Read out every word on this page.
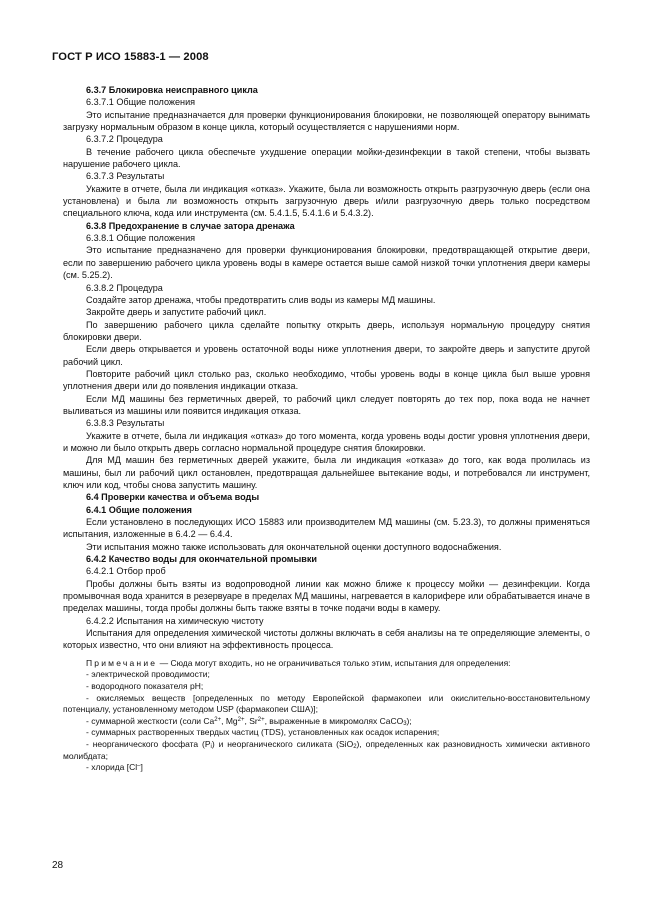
ГОСТ Р ИСО 15883-1 — 2008

6.3.7 Блокировка неисправного цикла

6.3.7.1 Общие положения

Это испытание предназначается для проверки функционирования блокировки, не позволяющей оператору вынимать загрузку нормальным образом в конце цикла, который осуществляется с нарушениями норм.

6.3.7.2 Процедура

В течение рабочего цикла обеспечьте ухудшение операции мойки-дезинфекции в такой степени, чтобы вызвать нарушение рабочего цикла.

6.3.7.3 Результаты

Укажите в отчете, была ли индикация «отказ». Укажите, была ли возможность открыть разгрузочную дверь (если она установлена) и была ли возможность открыть загрузочную дверь и/или разгрузочную дверь только посредством специального ключа, кода или инструмента (см. 5.4.1.5, 5.4.1.6 и 5.4.3.2).

6.3.8 Предохранение в случае затора дренажа

6.3.8.1 Общие положения

Это испытание предназначено для проверки функционирования блокировки, предотвращающей открытие двери, если по завершению рабочего цикла уровень воды в камере остается выше самой низкой точки уплотнения двери камеры (см. 5.25.2).

6.3.8.2 Процедура

Создайте затор дренажа, чтобы предотвратить слив воды из камеры МД машины.

Закройте дверь и запустите рабочий цикл.

По завершению рабочего цикла сделайте попытку открыть дверь, используя нормальную процедуру снятия блокировки двери.

Если дверь открывается и уровень остаточной воды ниже уплотнения двери, то закройте дверь и запустите другой рабочий цикл.

Повторите рабочий цикл столько раз, сколько необходимо, чтобы уровень воды в конце цикла был выше уровня уплотнения двери или до появления индикации отказа.

Если МД машины без герметичных дверей, то рабочий цикл следует повторять до тех пор, пока вода не начнет выливаться из машины или появится индикация отказа.

6.3.8.3 Результаты

Укажите в отчете, была ли индикация «отказ» до того момента, когда уровень воды достиг уровня уплотнения двери, и можно ли было открыть дверь согласно нормальной процедуре снятия блокировки.

Для МД машин без герметичных дверей укажите, была ли индикация «отказа» до того, как вода пролилась из машины, был ли рабочий цикл остановлен, предотвращая дальнейшее вытекание воды, и потребовался ли инструмент, ключ или код, чтобы снова запустить машину.

6.4 Проверки качества и объема воды

6.4.1 Общие положения

Если установлено в последующих ИСО 15883 или производителем МД машины (см. 5.23.3), то должны применяться испытания, изложенные в 6.4.2 — 6.4.4.

Эти испытания можно также использовать для окончательной оценки доступного водоснабжения.

6.4.2 Качество воды для окончательной промывки

6.4.2.1 Отбор проб

Пробы должны быть взяты из водопроводной линии как можно ближе к процессу мойки — дезинфекции. Когда промывочная вода хранится в резервуаре в пределах МД машины, нагревается в калорифере или обрабатывается иначе в пределах машины, тогда пробы должны быть также взяты в точке подачи воды в камеру.

6.4.2.2 Испытания на химическую чистоту

Испытания для определения химической чистоты должны включать в себя анализы на те определяющие элементы, о которых известно, что они влияют на эффективность процесса.

Примечание — Сюда могут входить, но не ограничиваться только этим, испытания для определения:

- электрической проводимости;

- водородного показателя рН;

- окисляемых веществ [определенных по методу Европейской фармакопеи или окислительно-восстановительному потенциалу, установленному методом USP (фармакопеи США)];

- суммарной жесткости (соли $Ca^{2+}$, $Mg^{2+}$, $Sr^{2+}$, выраженные в микромолях CaCO$_3$);

- суммарных растворенных твердых частиц (TDS), установленных как осадок испарения;

- неорганического фосфата $(P_i)$ и неорганического силиката (SiO$_2$), определенных как разновидность химически активного молибдата;

- хлорида [Cl–]

28
